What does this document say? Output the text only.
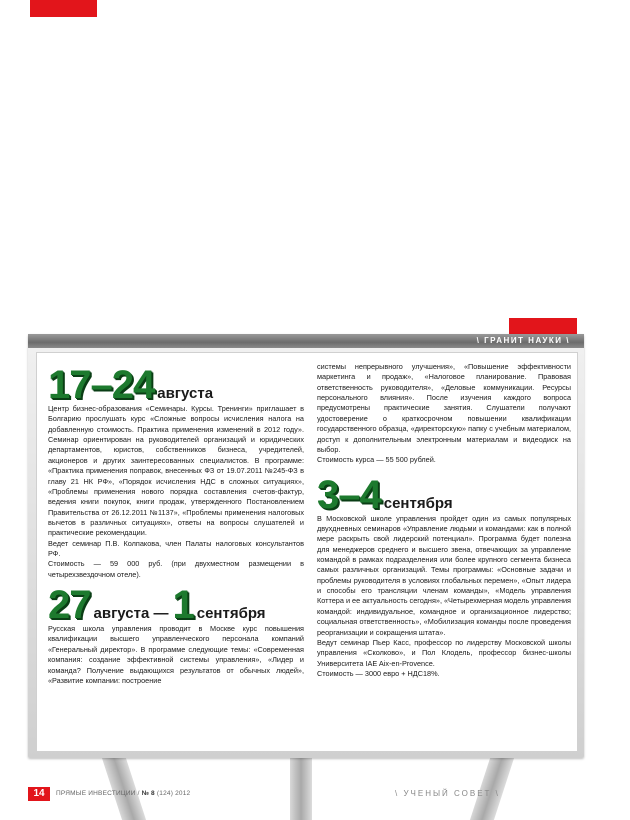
\ ГРАНИТ НАУКИ \
17–24 августа

Центр бизнес-образования «Семинары. Курсы. Тренинги» приглашает в Болгарию прослушать курс «Сложные вопросы исчисления налога на добавленную стоимость. Практика применения изменений в 2012 году». Семинар ориентирован на руководителей организаций и юридических департаментов, юристов, собственников бизнеса, учредителей, акционеров и других заинтересованных специалистов. В программе: «Практика применения поправок, внесенных ФЗ от 19.07.2011 №245-ФЗ в главу 21 НК РФ», «Порядок исчисления НДС в сложных ситуациях», «Проблемы применения нового порядка составления счетов-фактур, ведения книги покупок, книги продаж, утвержденного Постановлением Правительства от 26.12.2011 №1137», «Проблемы применения налоговых вычетов в различных ситуациях», ответы на вопросы слушателей и практические рекомендации.

Ведет семинар П.В. Колпакова, член Палаты налоговых консультантов РФ.

Стоимость — 59 000 руб. (при двухместном размещении в четырехзвездочном отеле).

27 августа — 1 сентября

Русская школа управления проводит в Москве курс повышения квалификации высшего управленческого персонала компаний «Генеральный директор». В программе следующие темы: «Современная компания: создание эффективной системы управления», «Лидер и команда? Получение выдающихся результатов от обычных людей», «Развитие компании: построение

системы непрерывного улучшения», «Повышение эффективности маркетинга и продаж», «Налоговое планирование. Правовая ответственность руководителя», «Деловые коммуникации. Ресурсы персонального влияния». После изучения каждого вопроса предусмотрены практические занятия. Слушатели получают удостоверение о краткосрочном повышении квалификации государственного образца, «директорскую» папку с учебным материалом, доступ к дополнительным электронным материалам и видеодиск на выбор.

Стоимость курса — 55 500 рублей.

3–4 сентября

В Московской школе управления пройдет один из самых популярных двухдневных семинаров «Управление людьми и командами: как в полной мере раскрыть свой лидерский потенциал». Программа будет полезна для менеджеров среднего и высшего звена, отвечающих за управление командой в рамках подразделения или более крупного сегмента бизнеса самых различных организаций. Темы программы: «Основные задачи и проблемы руководителя в условиях глобальных перемен», «Опыт лидера и способы его трансляции членам команды», «Модель управления Коттера и ее актуальность сегодня», «Четырехмерная модель управления командой: индивидуальное, командное и организационное лидерство; социальная ответственность», «Мобилизация команды после проведения реорганизации и сокращения штата».

Ведут семинар Пьер Касс, профессор по лидерству Московской школы управления «Сколково», и Пол Клодель, профессор бизнес-школы Университета IAE Aix-en-Provence.

Стоимость — 3000 евро + НДС18%.

14	ПРЯМЫЕ ИНВЕСТИЦИИ / № 8 (124) 2012	\ УЧЕНЫЙ СОВЕТ \
